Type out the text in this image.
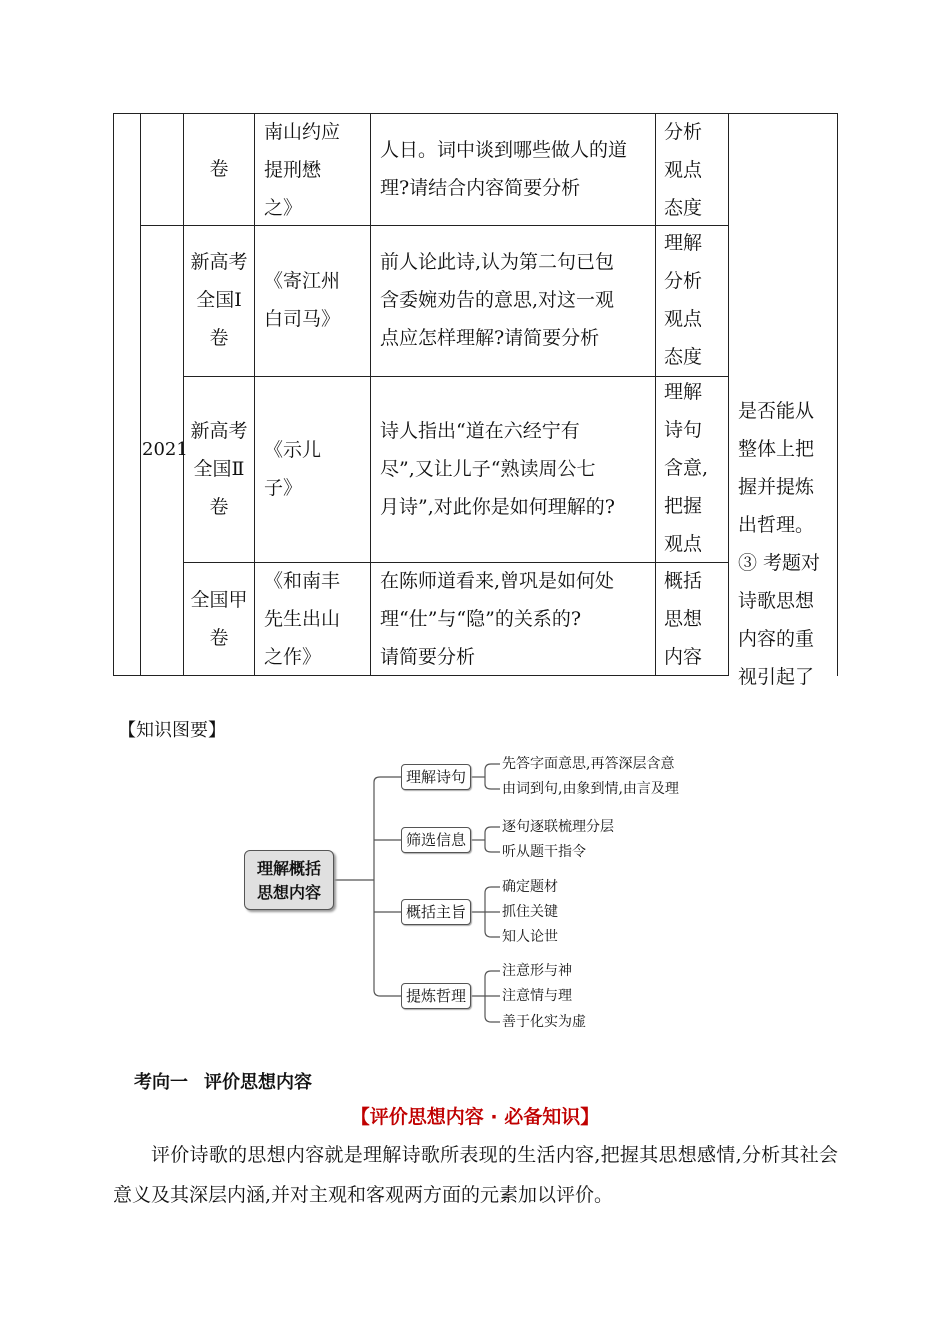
卷
南山约应
提刑懋
之》
人日。词中谈到哪些做人的道
理?请结合内容简要分析
分析
观点
态度
2021
新高考
全国Ⅰ
卷
《寄江州
白司马》
前人论此诗,认为第二句已包
含委婉劝告的意思,对这一观
点应怎样理解?请简要分析
理解
分析
观点
态度
新高考
全国Ⅱ
卷
《示儿
子》
诗人指出“道在六经宁有
尽”,又让儿子“熟读周公七
月诗”,对此你是如何理解的?
理解
诗句
含意,
把握
观点
全国甲
卷
《和南丰
先生出山
之作》
在陈师道看来,曾巩是如何处
理“仕”与“隐”的关系的?
请简要分析
概括
思想
内容
是否能从
整体上把
握并提炼
出哲理。
③ 考题对
诗歌思想
内容的重
视引起了
【知识图要】
理解概括
思想内容
理解诗句
筛选信息
概括主旨
提炼哲理
先答字面意思,再答深层含意
由词到句,由象到情,由言及理
逐句逐联梳理分层
听从题干指令
确定题材
抓住关键
知人论世
注意形与神
注意情与理
善于化实为虚
考向一 评价思想内容
【评价思想内容 · 必备知识】
评价诗歌的思想内容就是理解诗歌所表现的生活内容,把握其思想感情,分析其社会意义及其深层内涵,并对主观和客观两方面的元素加以评价。
